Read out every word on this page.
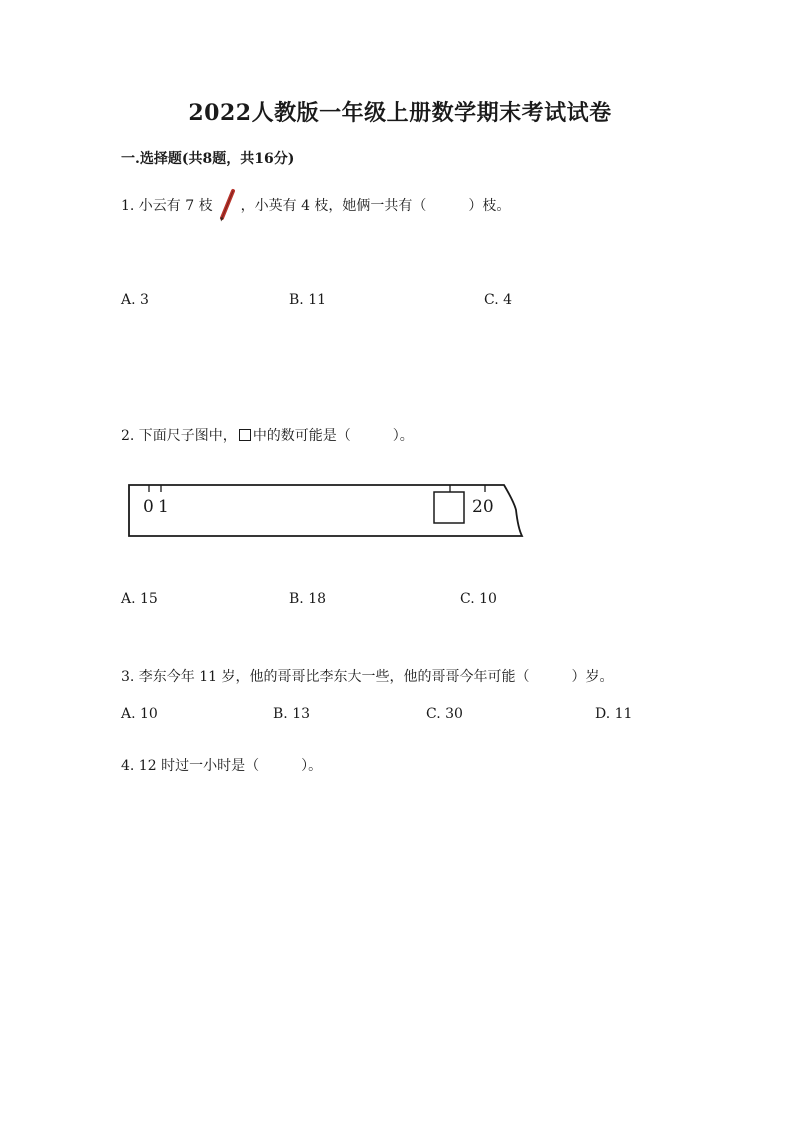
2022人教版一年级上册数学期末考试试卷
一.选择题(共8题，共16分)
1. 小云有 7 枝 ，小英有 4 枝，她俩一共有（　　　）枝。
A. 3	B. 11	C. 4
2. 下面尺子图中， 中的数可能是（　　　）。
0 1	20
A. 15	B. 18	C. 10
3. 李东今年 11 岁，他的哥哥比李东大一些，他的哥哥今年可能（　　　）岁。
A. 10	B. 13	C. 30	D. 11
4. 12 时过一小时是（　　　）。
